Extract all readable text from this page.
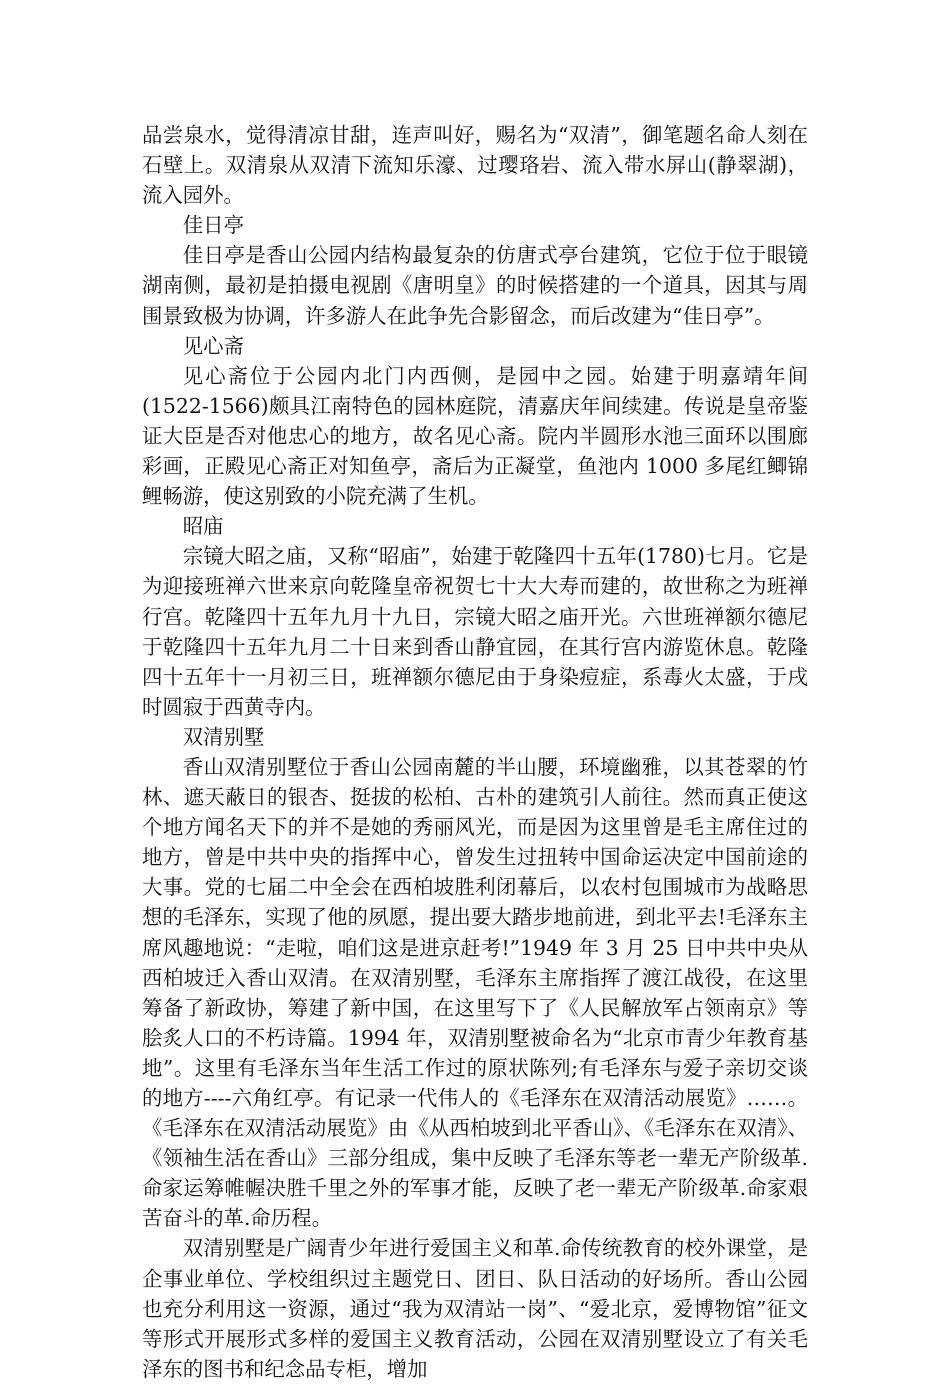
品尝泉水，觉得清凉甘甜，连声叫好，赐名为“双清”，御笔题名命人刻在石壁上。双清泉从双清下流知乐濠、过璎珞岩、流入带水屏山(静翠湖)，流入园外。

佳日亭

佳日亭是香山公园内结构最复杂的仿唐式亭台建筑，它位于位于眼镜湖南侧，最初是拍摄电视剧《唐明皇》的时候搭建的一个道具，因其与周围景致极为协调，许多游人在此争先合影留念，而后改建为“佳日亭”。

见心斋

见心斋位于公园内北门内西侧，是园中之园。始建于明嘉靖年间(1522-1566)颇具江南特色的园林庭院，清嘉庆年间续建。传说是皇帝鉴证大臣是否对他忠心的地方，故名见心斋。院内半圆形水池三面环以围廊彩画，正殿见心斋正对知鱼亭，斋后为正凝堂，鱼池内 1000 多尾红鲫锦鲤畅游，使这别致的小院充满了生机。

昭庙

宗镜大昭之庙，又称“昭庙”，始建于乾隆四十五年(1780)七月。它是为迎接班禅六世来京向乾隆皇帝祝贺七十大大寿而建的，故世称之为班禅行宫。乾隆四十五年九月十九日，宗镜大昭之庙开光。六世班禅额尔德尼于乾隆四十五年九月二十日来到香山静宜园，在其行宫内游览休息。乾隆四十五年十一月初三日，班禅额尔德尼由于身染痘症，系毒火太盛，于戌时圆寂于西黄寺内。

双清别墅

香山双清别墅位于香山公园南麓的半山腰，环境幽雅，以其苍翠的竹林、遮天蔽日的银杏、挺拔的松柏、古朴的建筑引人前往。然而真正使这个地方闻名天下的并不是她的秀丽风光，而是因为这里曾是毛主席住过的地方，曾是中共中央的指挥中心，曾发生过扭转中国命运决定中国前途的大事。党的七届二中全会在西柏坡胜利闭幕后，以农村包围城市为战略思想的毛泽东，实现了他的夙愿，提出要大踏步地前进，到北平去!毛泽东主席风趣地说：“走啦，咱们这是进京赶考!”1949 年 3 月 25 日中共中央从西柏坡迁入香山双清。在双清别墅，毛泽东主席指挥了渡江战役，在这里筹备了新政协，筹建了新中国，在这里写下了《人民解放军占领南京》等脍炙人口的不朽诗篇。1994 年，双清别墅被命名为“北京市青少年教育基地”。这里有毛泽东当年生活工作过的原状陈列;有毛泽东与爱子亲切交谈的地方----六角红亭。有记录一代伟人的《毛泽东在双清活动展览》……。《毛泽东在双清活动展览》由《从西柏坡到北平香山》、《毛泽东在双清》、《领袖生活在香山》三部分组成，集中反映了毛泽东等老一辈无产阶级革.命家运筹帷幄决胜千里之外的军事才能，反映了老一辈无产阶级革.命家艰苦奋斗的革.命历程。

双清别墅是广阔青少年进行爱国主义和革.命传统教育的校外课堂，是企事业单位、学校组织过主题党日、团日、队日活动的好场所。香山公园也充分利用这一资源，通过“我为双清站一岗”、“爱北京，爱博物馆”征文等形式开展形式多样的爱国主义教育活动，公园在双清别墅设立了有关毛泽东的图书和纪念品专柜，增加
